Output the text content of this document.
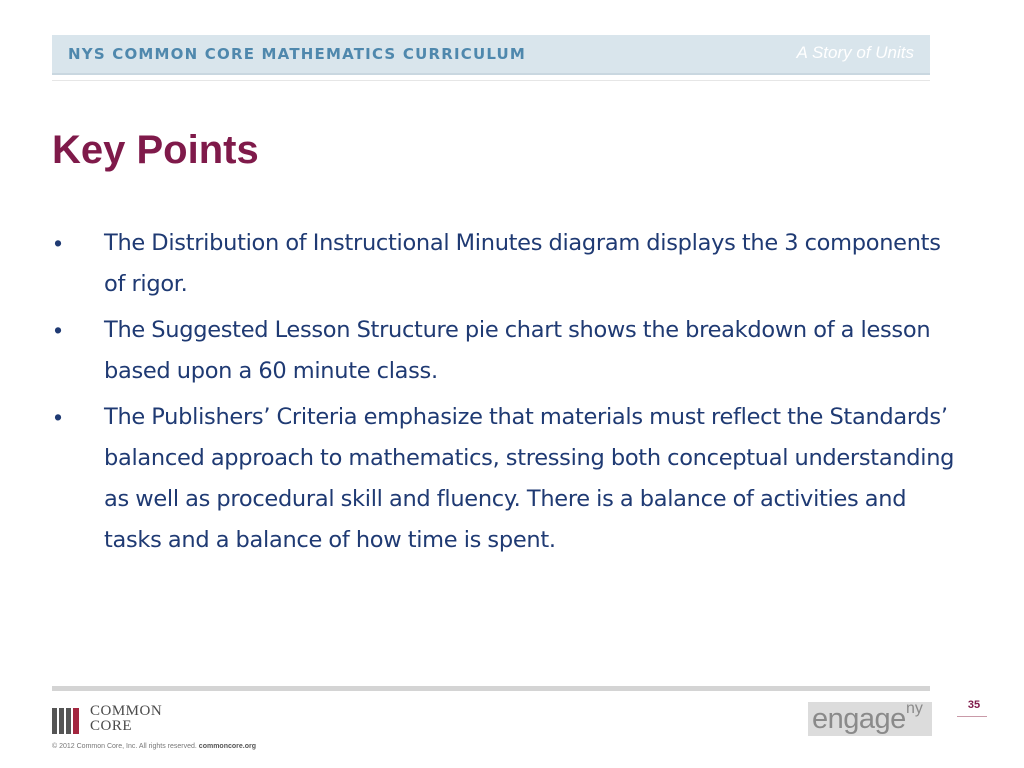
NYS COMMON CORE MATHEMATICS CURRICULUM	A Story of Units
Key Points
• The Distribution of Instructional Minutes diagram displays the 3 components of rigor.
• The Suggested Lesson Structure pie chart shows the breakdown of a lesson based upon a 60 minute class.
• The Publishers’ Criteria emphasize that materials must reflect the Standards’ balanced approach to mathematics, stressing both conceptual understanding as well as procedural skill and fluency. There is a balance of activities and tasks and a balance of how time is spent.
COMMON
CORE
© 2012 Common Core, Inc. All rights reserved. commoncore.org
engage ny	35
